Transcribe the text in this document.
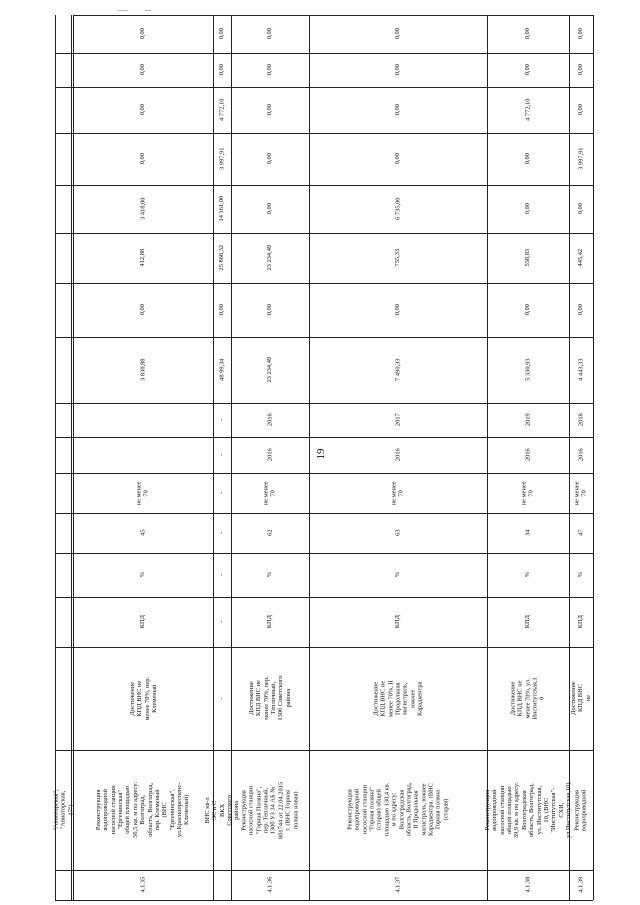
19
"Авиаторская", "Авиаторская, 17")
4.1.35
Реконструкция водопроводной насосной станции "Ергенинская" общей площадью 56,5 кв. м по адресу: Волгоград, область, Волгоград, пер. Клеменый (ВНС "Ергенинская", ул.Краснопресненс- Клеменый)
Достижение КПД ВНС не менее 70%, пер. Клеменый
КПД
%
45
не менее 70
3 830,88
0,00
412,88
3 418,00
0,00
0,00
0,00
0,00
ВНС кв-л ЭС и С ВКХ Советского района
-
-
-
-
-
-
-
48 99,34
0,00
25 868,32
14 161,00
3 997,91
4 772,10
0,00
0,00
4.1.36
Реконструкция насосной станции "Горная Поляна", пер. Тепличный, 130б УЗ 34 АБ № 801744 от 22.04.2015 г. (ВНС Горная поляна новая)
Достижение КПД ВНС не менее 70%, пер. Тепличный, 130б Советского района
КПД
%
62
не менее 70
2016
2016
23 234,49
0,00
23 234,49
0,00
0,00
0,00
0,00
0,00
4.1.37
Реконструкция водопроводной насосной станции "Горная поляна" (старая) общей площадью 130,4 кв. м по адресу: Волгоградская область, Волгоград, II Продольная магистраль, южнее Карадкентра. (ВНС Горная поляна (старая)
Достижение КПД ВНС не менее 70%, II Продольная магистраль, южнее Карадкентра
КПД
%
63
не менее 70
2016
2017
7 490,33
0,00
755,33
6 735,00
0,00
0,00
0,00
0,00
4.1.38
Реконструкция водопроводной насосной станции общей площадью 39,9 кв. м по адресу: Волгоградская область, Волгоград, ул. Институтская, 10, (ВНС "Институтская"- СХИ, ул.Институтская,10)
Достижение КПД ВНС не менее 70%, ул. Институтская,1 0
КПД
%
34
не менее 70
2016
2019
5 330,93
0,00
558,83
0,00
0,00
4 772,10
0,00
0,00
4.1.39
Реконструкция водопроводной
Достижение КПД ВНС не
КПД
%
47
не менее 70
2016
2018
4 443,33
0,00
445,42
0,00
3 997,91
0,00
0,00
0,00
